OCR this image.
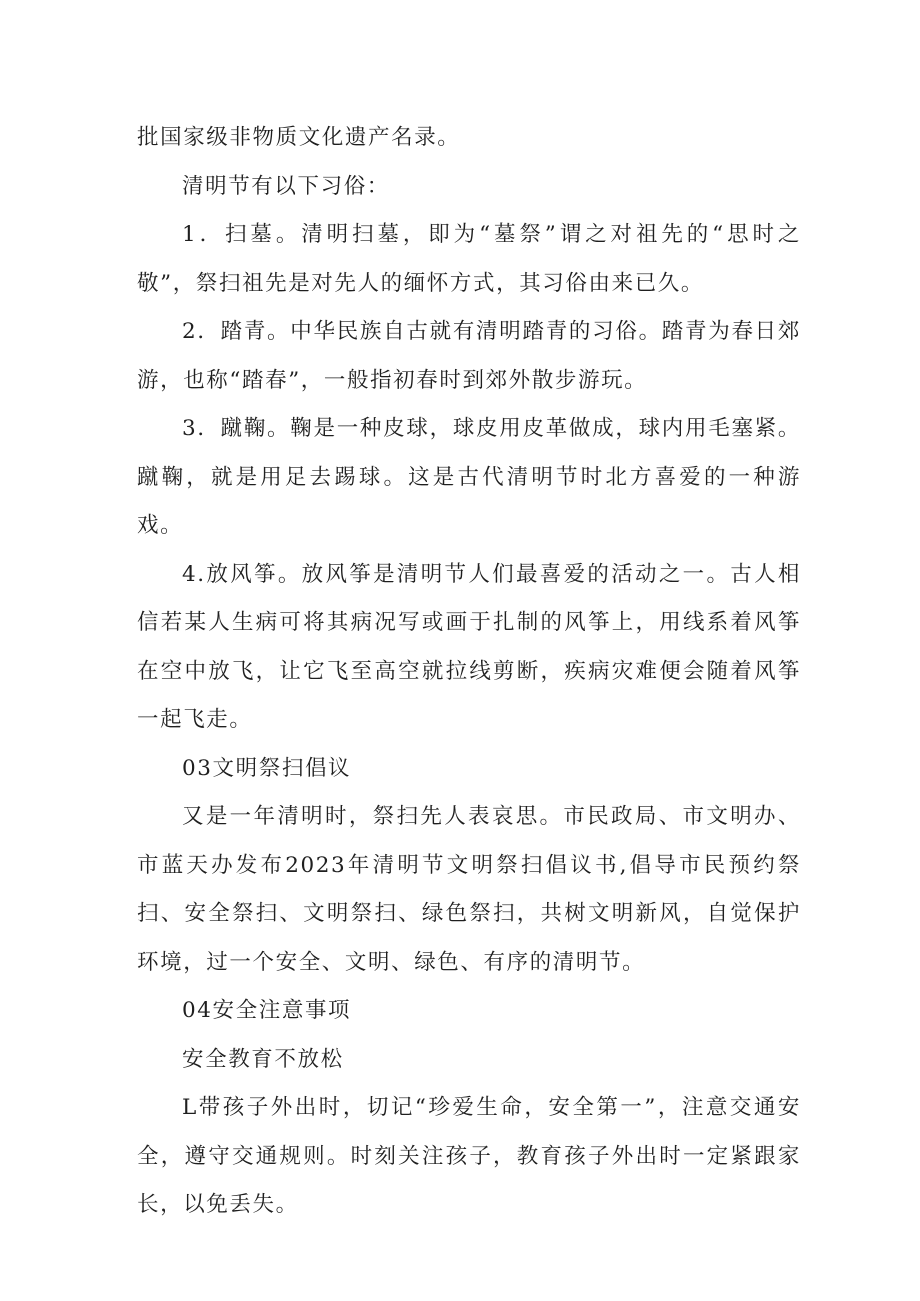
批国家级非物质文化遗产名录。

清明节有以下习俗：

1．扫墓。清明扫墓，即为“墓祭”谓之对祖先的“思时之敬”，祭扫祖先是对先人的缅怀方式，其习俗由来已久。

2．踏青。中华民族自古就有清明踏青的习俗。踏青为春日郊游，也称“踏春”，一般指初春时到郊外散步游玩。

3．蹴鞠。鞠是一种皮球，球皮用皮革做成，球内用毛塞紧。蹴鞠，就是用足去踢球。这是古代清明节时北方喜爱的一种游戏。

4.放风筝。放风筝是清明节人们最喜爱的活动之一。古人相信若某人生病可将其病况写或画于扎制的风筝上，用线系着风筝在空中放飞，让它飞至高空就拉线剪断，疾病灾难便会随着风筝一起飞走。

03文明祭扫倡议

又是一年清明时，祭扫先人表哀思。市民政局、市文明办、市蓝天办发布2023年清明节文明祭扫倡议书,倡导市民预约祭扫、安全祭扫、文明祭扫、绿色祭扫，共树文明新风，自觉保护环境，过一个安全、文明、绿色、有序的清明节。

04安全注意事项

安全教育不放松

L带孩子外出时，切记“珍爱生命，安全第一”，注意交通安全，遵守交通规则。时刻关注孩子，教育孩子外出时一定紧跟家长，以免丢失。
